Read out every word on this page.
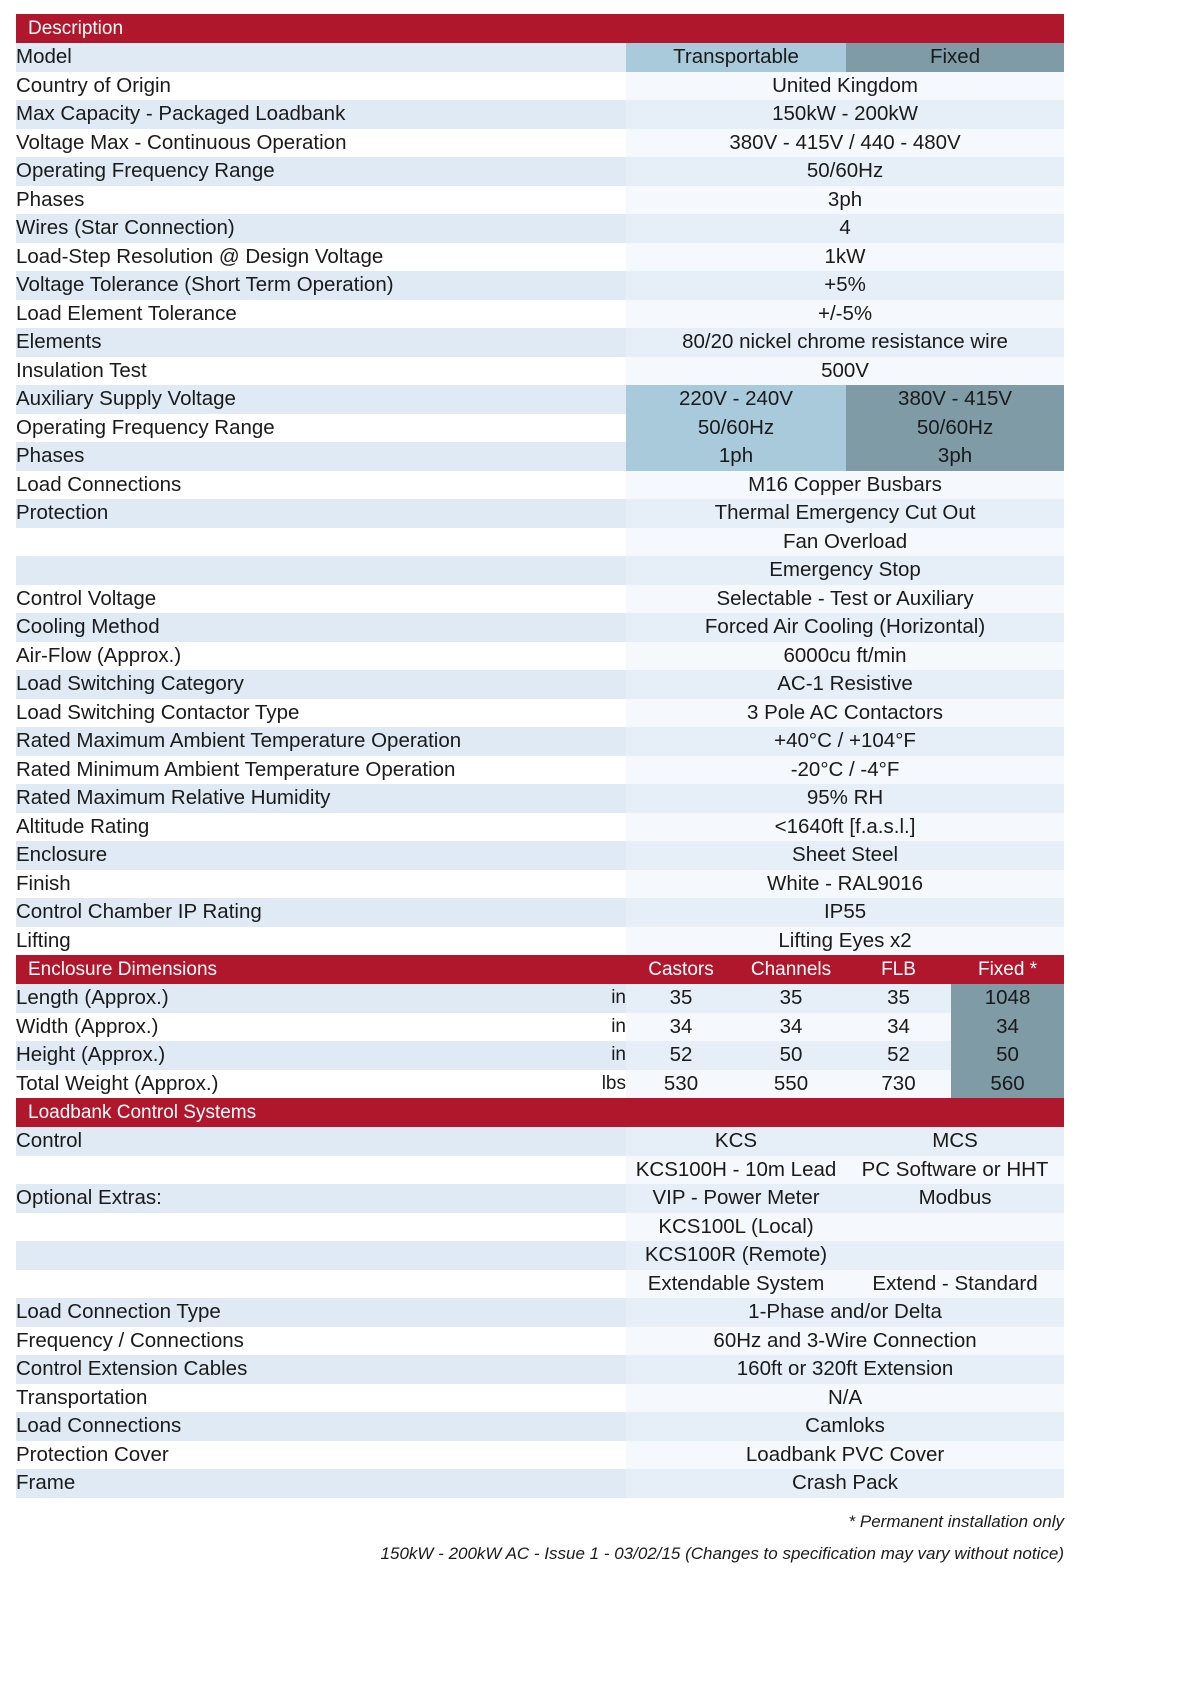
Description					
Model		Transportable		Fixed	
Country of Origin		United Kingdom			
Max Capacity - Packaged Loadbank		150kW - 200kW			
Voltage Max - Continuous Operation		380V - 415V / 440 - 480V			
Operating Frequency Range		50/60Hz			
Phases		3ph			
Wires (Star Connection)		4			
Load-Step Resolution @ Design Voltage		1kW			
Voltage Tolerance (Short Term Operation)		+5%			
Load Element Tolerance		+/-5%			
Elements		80/20 nickel chrome resistance wire			
Insulation Test		500V			
Auxiliary Supply Voltage		220V - 240V		380V - 415V	
Operating Frequency Range		50/60Hz		50/60Hz	
Phases		1ph		3ph	
Load Connections		M16 Copper Busbars			
Protection		Thermal Emergency Cut Out			
		Fan Overload			
		Emergency Stop			
Control Voltage		Selectable - Test or Auxiliary			
Cooling Method		Forced Air Cooling (Horizontal)			
Air-Flow (Approx.)		6000cu ft/min			
Load Switching Category		AC-1 Resistive			
Load Switching Contactor Type		3 Pole AC Contactors			
Rated Maximum Ambient Temperature Operation		+40°C / +104°F			
Rated Minimum Ambient Temperature Operation		-20°C / -4°F			
Rated Maximum Relative Humidity		95% RH			
Altitude Rating		<1640ft [f.a.s.l.]			
Enclosure		Sheet Steel			
Finish		White - RAL9016			
Control Chamber IP Rating		IP55			
Lifting		Lifting Eyes x2			
Enclosure Dimensions		Castors	Channels	FLB	Fixed *
Length (Approx.)	in	35	35	35	1048
Width (Approx.)	in	34	34	34	34
Height (Approx.)	in	52	50	52	50
Total Weight (Approx.)	lbs	530	550	730	560
Loadbank Control Systems					
Control		KCS		MCS	
		KCS100H - 10m Lead		PC Software or HHT	
Optional Extras:		VIP - Power Meter		Modbus	
		KCS100L (Local)			
		KCS100R (Remote)			
		Extendable System		Extend - Standard	
Load Connection Type		1-Phase and/or Delta			
Frequency / Connections		60Hz and 3-Wire Connection			
Control Extension Cables		160ft or 320ft Extension			
Transportation		N/A			
Load Connections		Camloks			
Protection Cover		Loadbank PVC Cover			
Frame		Crash Pack			
* Permanent installation only
150kW - 200kW AC - Issue 1 - 03/02/15 (Changes to specification may vary without notice)
